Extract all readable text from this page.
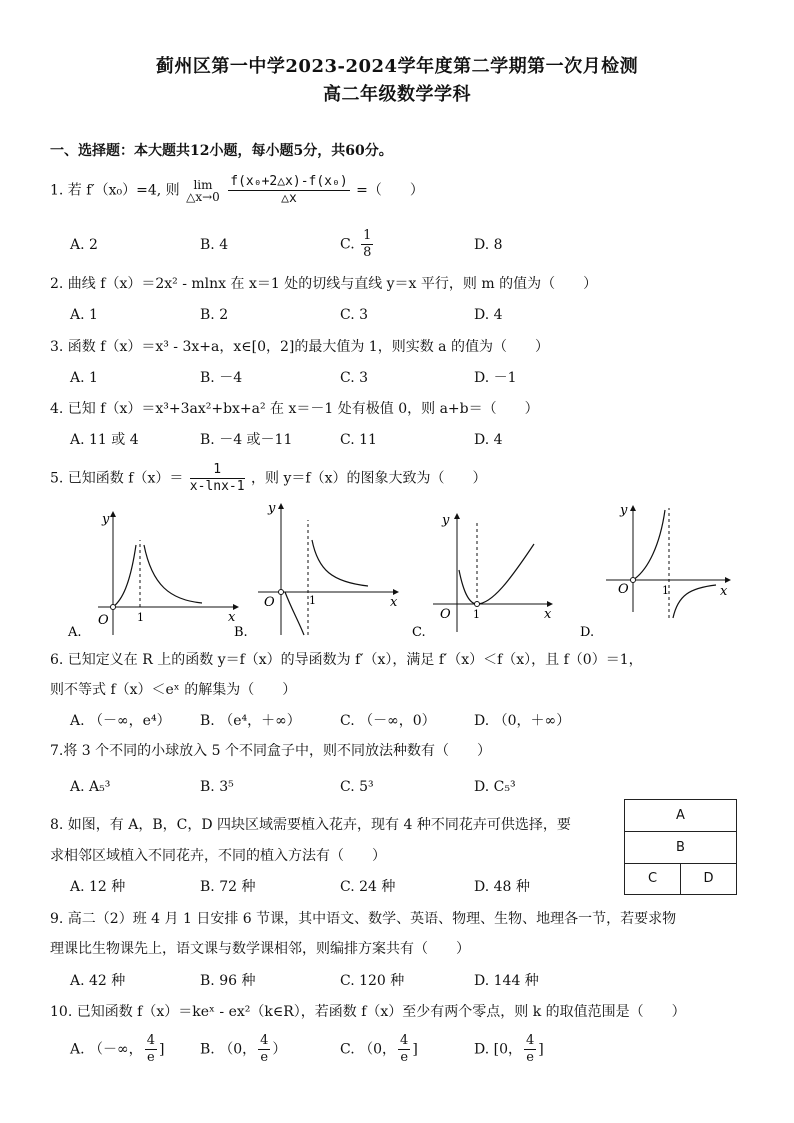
蓟州区第一中学2023-2024学年度第二学期第一次月检测
高二年级数学学科
一、选择题：本大题共12小题，每小题5分，共60分。
1. 若 f′（x₀）=4, 则	lim
△x→0
$\frac{\text{f(x₀+2△x)-f(x₀)}}{\triangle x}$ =（　　）
A. 2	B. 4	C. $\frac{1}{8}$	D. 8
2. 曲线 f（x）＝2x² - mlnx 在 x＝1 处的切线与直线 y＝x 平行，则 m 的值为（　　）
A. 1	B. 2	C. 3	D. 4
3. 函数 f（x）＝x³ - 3x+a，x∈[0，2]的最大值为 1，则实数 a 的值为（　　）
A. 1	B. －4	C. 3	D. －1
4. 已知 f（x）＝x³+3ax²+bx+a² 在 x＝－1 处有极值 0，则 a+b＝（　　）
A. 11 或 4	B. －4 或－11	C. 11	D. 4
5. 已知函数 $f(x)= \frac{1}{x-\ln x-1}$ ，则 y＝f（x）的图象大致为（　　）
y
x
O	1
A.
y
x
O	1
B.
y
x
O 1
C.
y
x
O	1
D.
6. 已知定义在 R 上的函数 y＝f（x）的导函数为 f′（x），满足 f′（x）＜f（x），且 f（0）＝1，
则不等式 f（x）＜eˣ 的解集为（　　）
A. （－∞，e⁴） B. （e⁴，＋∞）	C. （－∞，0）	D. （0，＋∞）
7.将 3 个不同的小球放入 5 个不同盒子中，则不同放法种数有（　　）
A. A₅³	B. 3⁵	C. 5³	D. C₅³
8. 如图，有 A，B，C，D 四块区域需要植入花卉，现有 4 种不同花卉可供选择，要
求相邻区域植入不同花卉，不同的植入方法有（　　）
A. 12 种	B. 72 种	C. 24 种	D. 48 种
A
B
C	D
9. 高二（2）班 4 月 1 日安排 6 节课，其中语文、数学、英语、物理、生物、地理各一节，若要求物
理课比生物课先上，语文课与数学课相邻，则编排方案共有（　　）
A. 42 种	B. 96 种	C. 120 种	D. 144 种
10. 已知函数 f（x）＝keˣ - ex²（k∈R），若函数 f（x）至少有两个零点，则 k 的取值范围是（　　）
A. （－∞， $\frac{4}{e}$ ]	B. （0， $\frac{4}{e}$ ）	C. （0， $\frac{4}{e}$ ]	D. [0， $\frac{4}{e}$ ]
